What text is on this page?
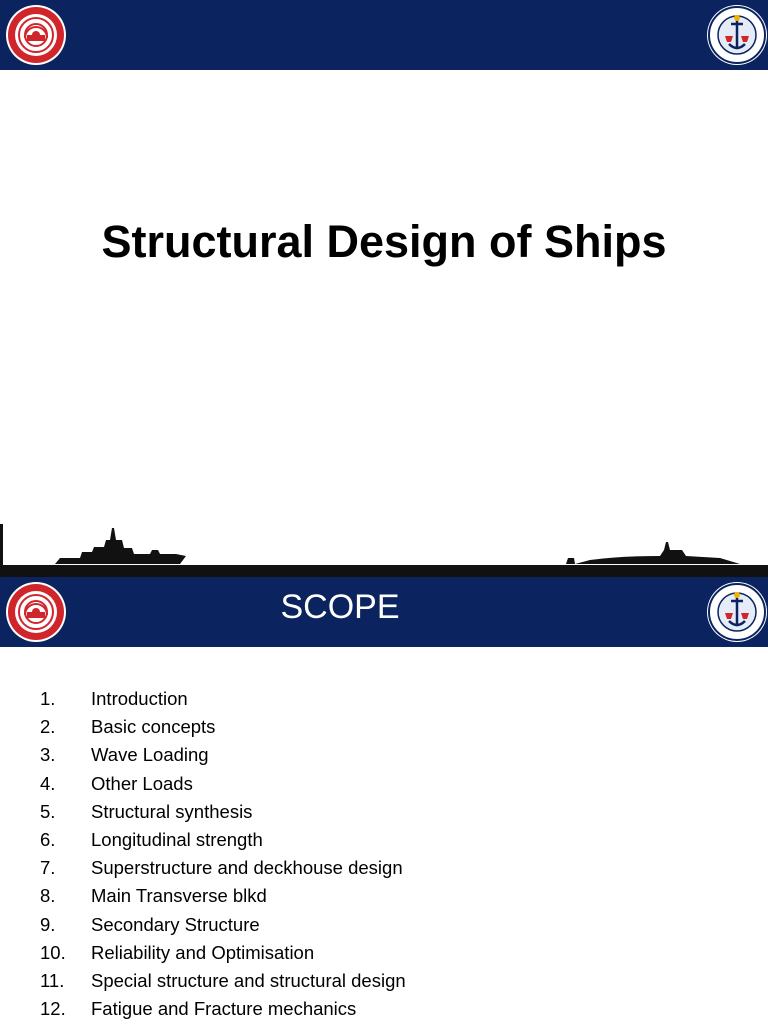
Structural Design of Ships
SCOPE
1. Introduction
2. Basic concepts
3. Wave Loading
4. Other Loads
5. Structural synthesis
6. Longitudinal strength
7. Superstructure and deckhouse design
8. Main Transverse blkd
9. Secondary Structure
10. Reliability and Optimisation
11. Special structure and structural design
12. Fatigue and Fracture mechanics
